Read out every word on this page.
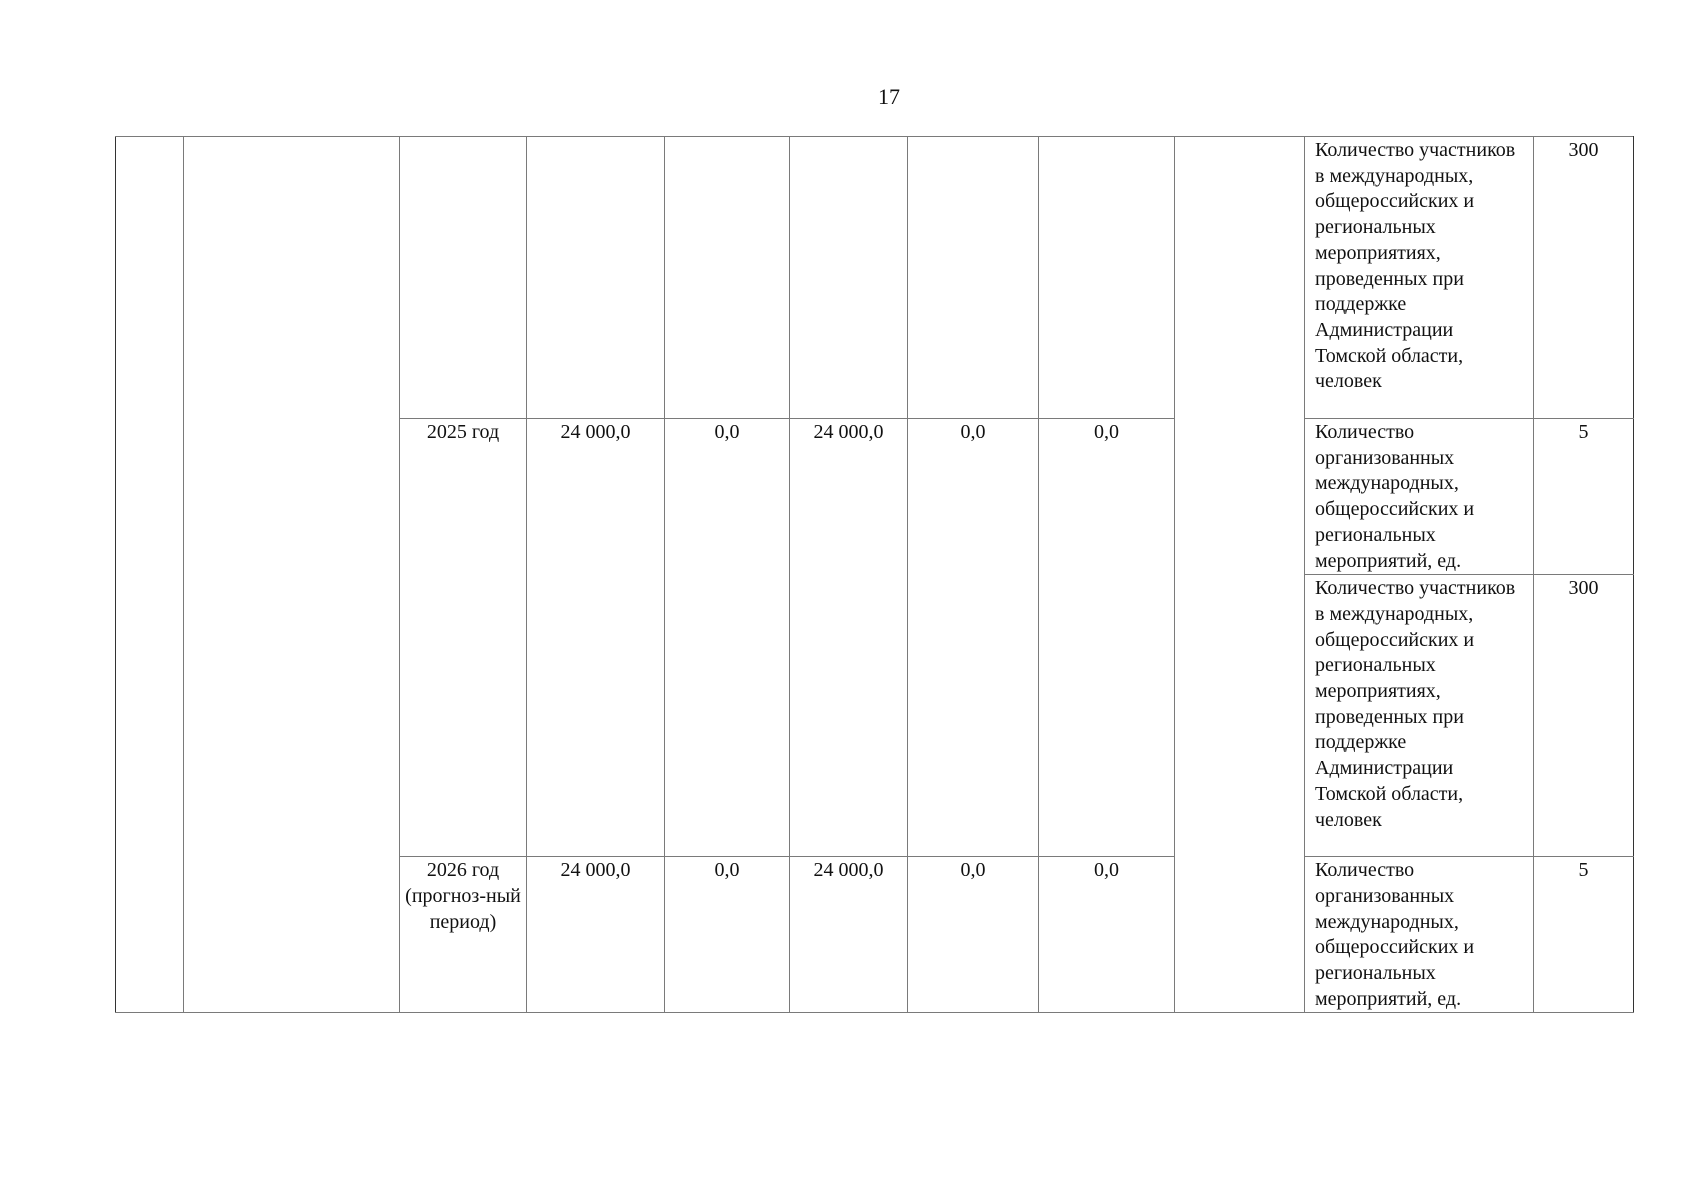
17
									Количество участников в международных, общероссийских и региональных мероприятиях, проведенных при поддержке Администрации Томской области, человек	300
		2025 год	24 000,0	0,0	24 000,0	0,0	0,0		Количество организованных международных, общероссийских и региональных мероприятий, ед.	5
									Количество участников в международных, общероссийских и региональных мероприятиях, проведенных при поддержке Администрации Томской области, человек	300
		2026 год (прогноз-ный период)	24 000,0	0,0	24 000,0	0,0	0,0		Количество организованных международных, общероссийских и региональных мероприятий, ед.	5
